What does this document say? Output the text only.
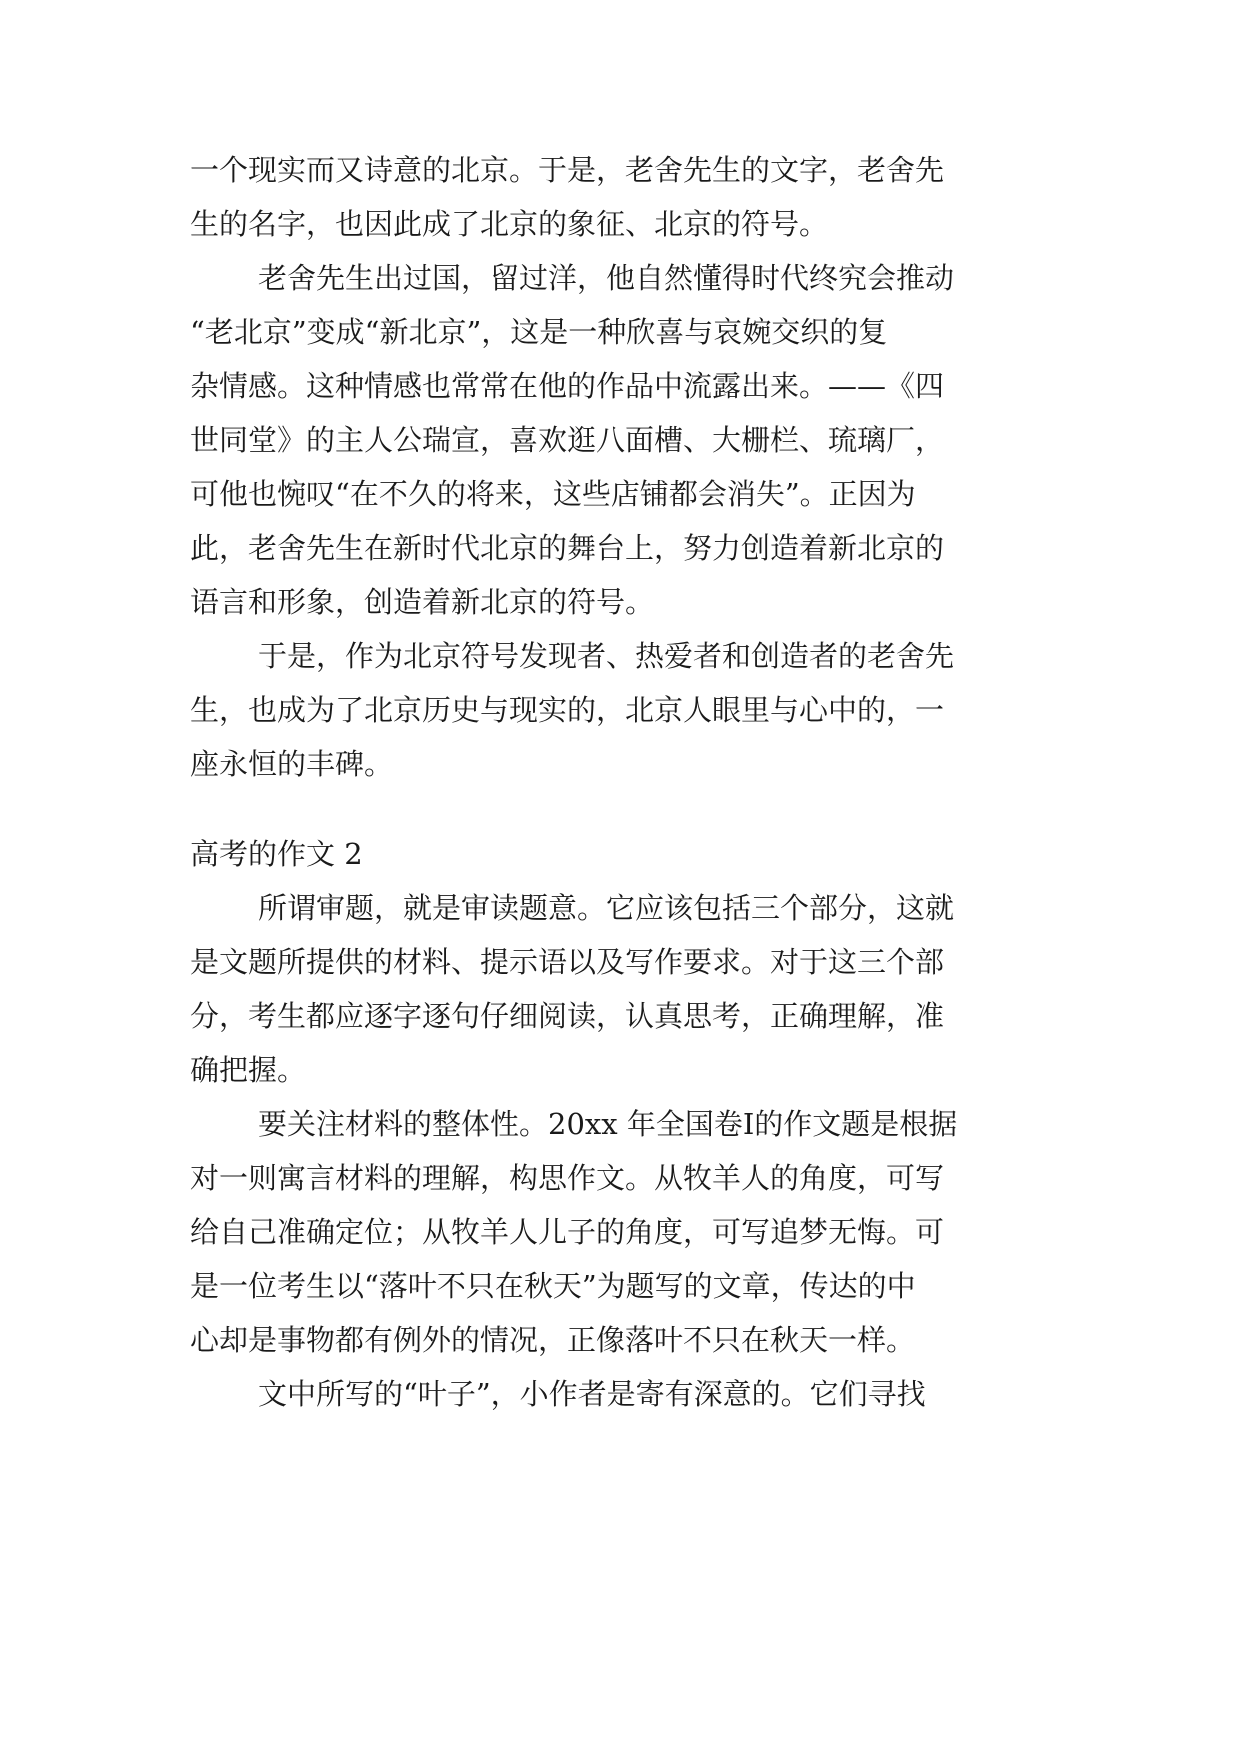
一个现实而又诗意的北京。于是，老舍先生的文字，老舍先
生的名字，也因此成了北京的象征、北京的符号。
老舍先生出过国，留过洋，他自然懂得时代终究会推动
“老北京”变成“新北京”，这是一种欣喜与哀婉交织的复
杂情感。这种情感也常常在他的作品中流露出来。——《四
世同堂》的主人公瑞宣，喜欢逛八面槽、大栅栏、琉璃厂，
可他也惋叹“在不久的将来，这些店铺都会消失”。正因为
此，老舍先生在新时代北京的舞台上，努力创造着新北京的
语言和形象，创造着新北京的符号。
于是，作为北京符号发现者、热爱者和创造者的老舍先
生，也成为了北京历史与现实的，北京人眼里与心中的，一
座永恒的丰碑。
高考的作文 2
所谓审题，就是审读题意。它应该包括三个部分，这就
是文题所提供的材料、提示语以及写作要求。对于这三个部
分，考生都应逐字逐句仔细阅读，认真思考，正确理解，准
确把握。
要关注材料的整体性。20xx 年全国卷Ⅰ的作文题是根据
对一则寓言材料的理解，构思作文。从牧羊人的角度，可写
给自己准确定位；从牧羊人儿子的角度，可写追梦无悔。可
是一位考生以“落叶不只在秋天”为题写的文章，传达的中
心却是事物都有例外的情况，正像落叶不只在秋天一样。
文中所写的“叶子”，小作者是寄有深意的。它们寻找
